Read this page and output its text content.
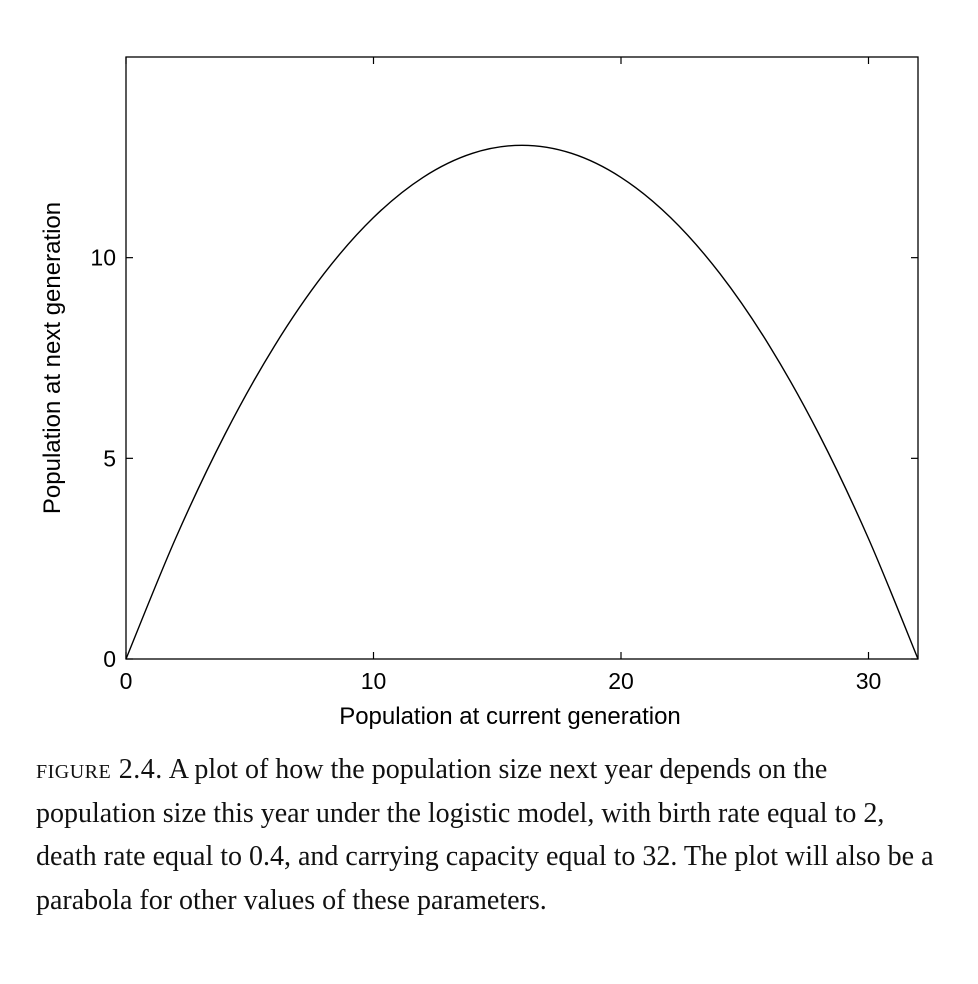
0	10	20	30
0
5
10
Population at current generation
Population at next generation
figure 2.4. A plot of how the population size next year depends on the population size this year under the logistic model, with birth rate equal to 2, death rate equal to 0.4, and carrying capacity equal to 32. The plot will also be a parabola for other values of these parameters.
